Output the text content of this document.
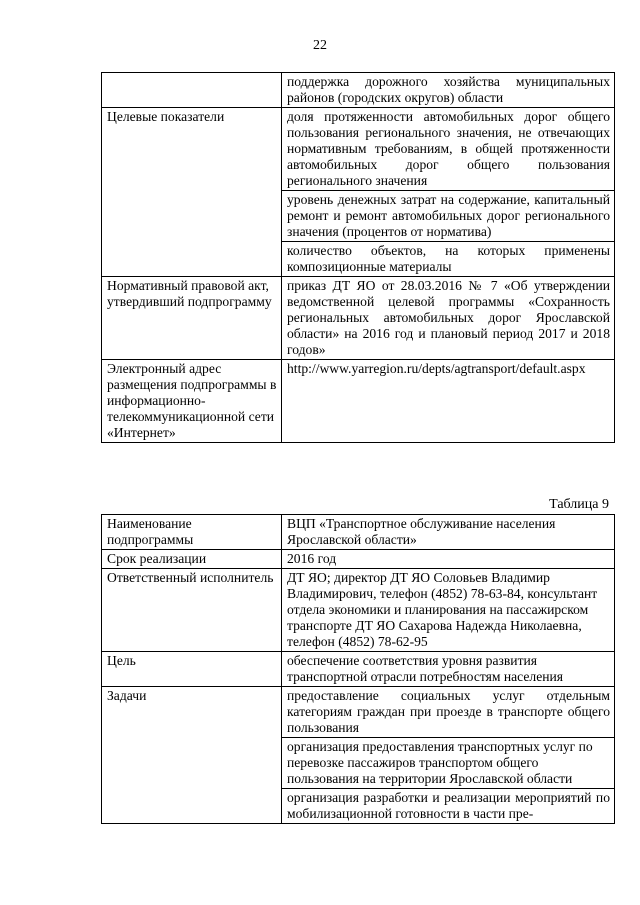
22
	поддержка дорожного хозяйства муниципальных районов (городских округов) области
Целевые показатели	доля протяженности автомобильных дорог общего пользования регионального значения, не отвечающих нормативным требованиям, в общей протяженности автомобильных дорог общего пользования регионального значения
	уровень денежных затрат на содержание, капитальный ремонт и ремонт автомобильных дорог регионального значения (процентов от норматива)
	количество объектов, на которых применены композиционные материалы
Нормативный правовой акт, утвердивший подпрограмму	приказ ДТ ЯО от 28.03.2016 № 7 «Об утверждении ведомственной целевой программы «Сохранность региональных автомобильных дорог Ярославской области» на 2016 год и плановый период 2017 и 2018 годов»
Электронный адрес размещения подпрограммы в информационно-телекоммуникационной сети «Интернет»	http://www.yarregion.ru/depts/agtransport/default.aspx
Таблица 9
Наименование подпрограммы	ВЦП «Транспортное обслуживание населения Ярославской области»
Срок реализации	2016 год
Ответственный исполнитель	ДТ ЯО; директор ДТ ЯО Соловьев Владимир Владимирович, телефон (4852) 78-63-84, консультант отдела экономики и планирования на пассажирском транспорте ДТ ЯО Сахарова Надежда Николаевна, телефон (4852) 78-62-95
Цель	обеспечение соответствия уровня развития транспортной отрасли потребностям населения
Задачи	предоставление социальных услуг отдельным категориям граждан при проезде в транспорте общего пользования
	организация предоставления транспортных услуг по перевозке пассажиров транспортом общего пользования на территории Ярославской области
	организация разработки и реализации мероприятий по мобилизационной готовности в части пре-
